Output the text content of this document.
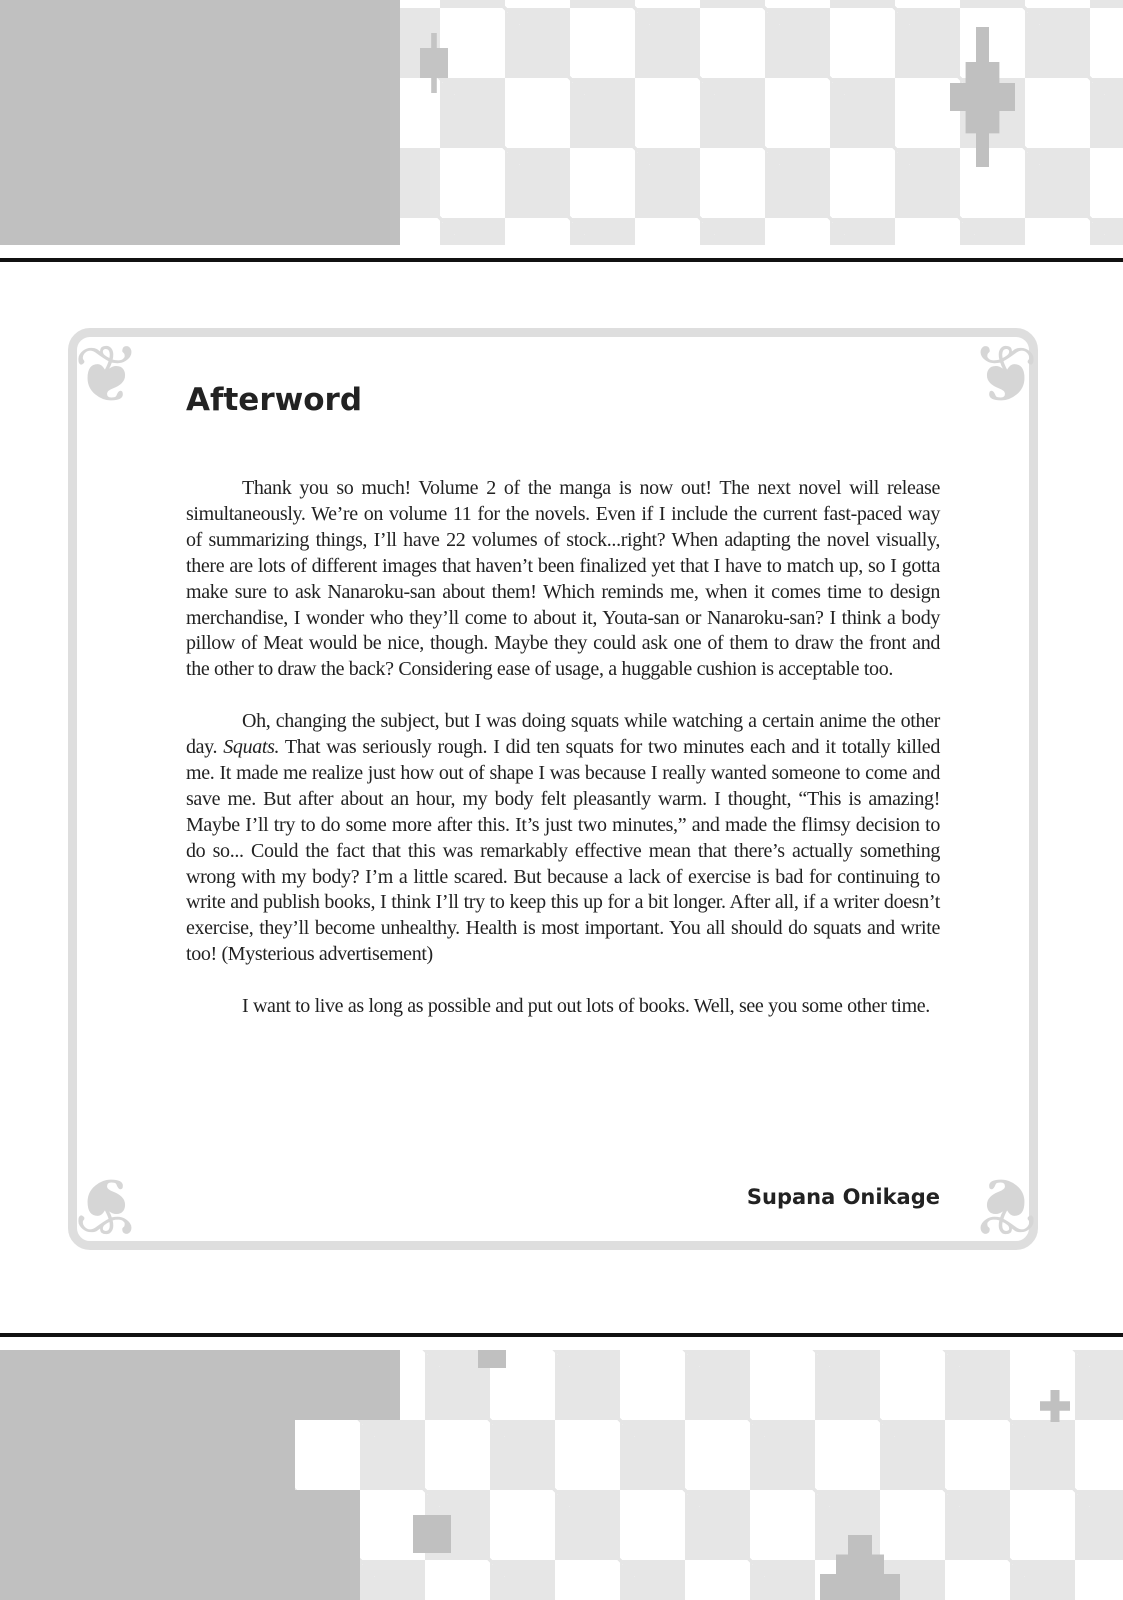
❦	❦
❦	❦
Afterword

Thank you so much! Volume 2 of the manga is now out! The next novel will release simultaneously. We’re on volume 11 for the novels. Even if I include the current fast-paced way of summarizing things, I’ll have 22 volumes of stock...right? When adapting the novel visually, there are lots of different images that haven’t been finalized yet that I have to match up, so I gotta make sure to ask Nanaroku-san about them! Which reminds me, when it comes time to design merchandise, I wonder who they’ll come to about it, Youta-san or Nanaroku-san? I think a body pillow of Meat would be nice, though. Maybe they could ask one of them to draw the front and the other to draw the back? Considering ease of usage, a huggable cushion is acceptable too.

Oh, changing the subject, but I was doing squats while watching a certain anime the other day. Squats. That was seriously rough. I did ten squats for two minutes each and it totally killed me. It made me realize just how out of shape I was because I really wanted someone to come and save me. But after about an hour, my body felt pleasantly warm. I thought, “This is amazing! Maybe I’ll try to do some more after this. It’s just two minutes,” and made the flimsy decision to do so... Could the fact that this was remarkably effective mean that there’s actually something wrong with my body? I’m a little scared. But because a lack of exercise is bad for continuing to write and publish books, I think I’ll try to keep this up for a bit longer. After all, if a writer doesn’t exercise, they’ll become unhealthy. Health is most important. You all should do squats and write too! (Mysterious advertisement)

I want to live as long as possible and put out lots of books. Well, see you some other time.

Supana Onikage
